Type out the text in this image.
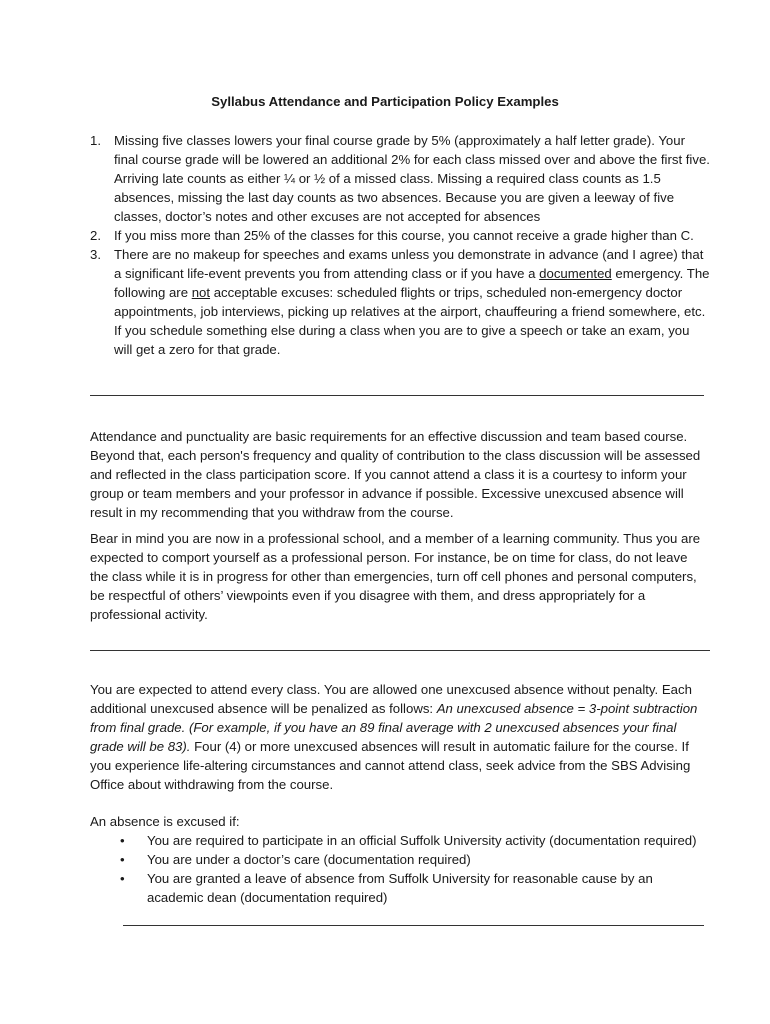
Syllabus Attendance and Participation Policy Examples
1. Missing five classes lowers your final course grade by 5% (approximately a half letter grade). Your final course grade will be lowered an additional 2% for each class missed over and above the first five. Arriving late counts as either ¼ or ½ of a missed class. Missing a required class counts as 1.5 absences, missing the last day counts as two absences. Because you are given a leeway of five classes, doctor’s notes and other excuses are not accepted for absences
2. If you miss more than 25% of the classes for this course, you cannot receive a grade higher than C.
3. There are no makeup for speeches and exams unless you demonstrate in advance (and I agree) that a significant life-event prevents you from attending class or if you have a documented emergency. The following are not acceptable excuses: scheduled flights or trips, scheduled non-emergency doctor appointments, job interviews, picking up relatives at the airport, chauffeuring a friend somewhere, etc. If you schedule something else during a class when you are to give a speech or take an exam, you will get a zero for that grade.

Attendance and punctuality are basic requirements for an effective discussion and team based course. Beyond that, each person's frequency and quality of contribution to the class discussion will be assessed and reflected in the class participation score. If you cannot attend a class it is a courtesy to inform your group or team members and your professor in advance if possible. Excessive unexcused absence will result in my recommending that you withdraw from the course.

Bear in mind you are now in a professional school, and a member of a learning community. Thus you are expected to comport yourself as a professional person. For instance, be on time for class, do not leave the class while it is in progress for other than emergencies, turn off cell phones and personal computers, be respectful of others’ viewpoints even if you disagree with them, and dress appropriately for a professional activity.

You are expected to attend every class. You are allowed one unexcused absence without penalty. Each additional unexcused absence will be penalized as follows: An unexcused absence = 3-point subtraction from final grade. (For example, if you have an 89 final average with 2 unexcused absences your final grade will be 83). Four (4) or more unexcused absences will result in automatic failure for the course. If you experience life-altering circumstances and cannot attend class, seek advice from the SBS Advising Office about withdrawing from the course.

An absence is excused if:

• You are required to participate in an official Suffolk University activity (documentation required)
• You are under a doctor’s care (documentation required)
• You are granted a leave of absence from Suffolk University for reasonable cause by an academic dean (documentation required)
